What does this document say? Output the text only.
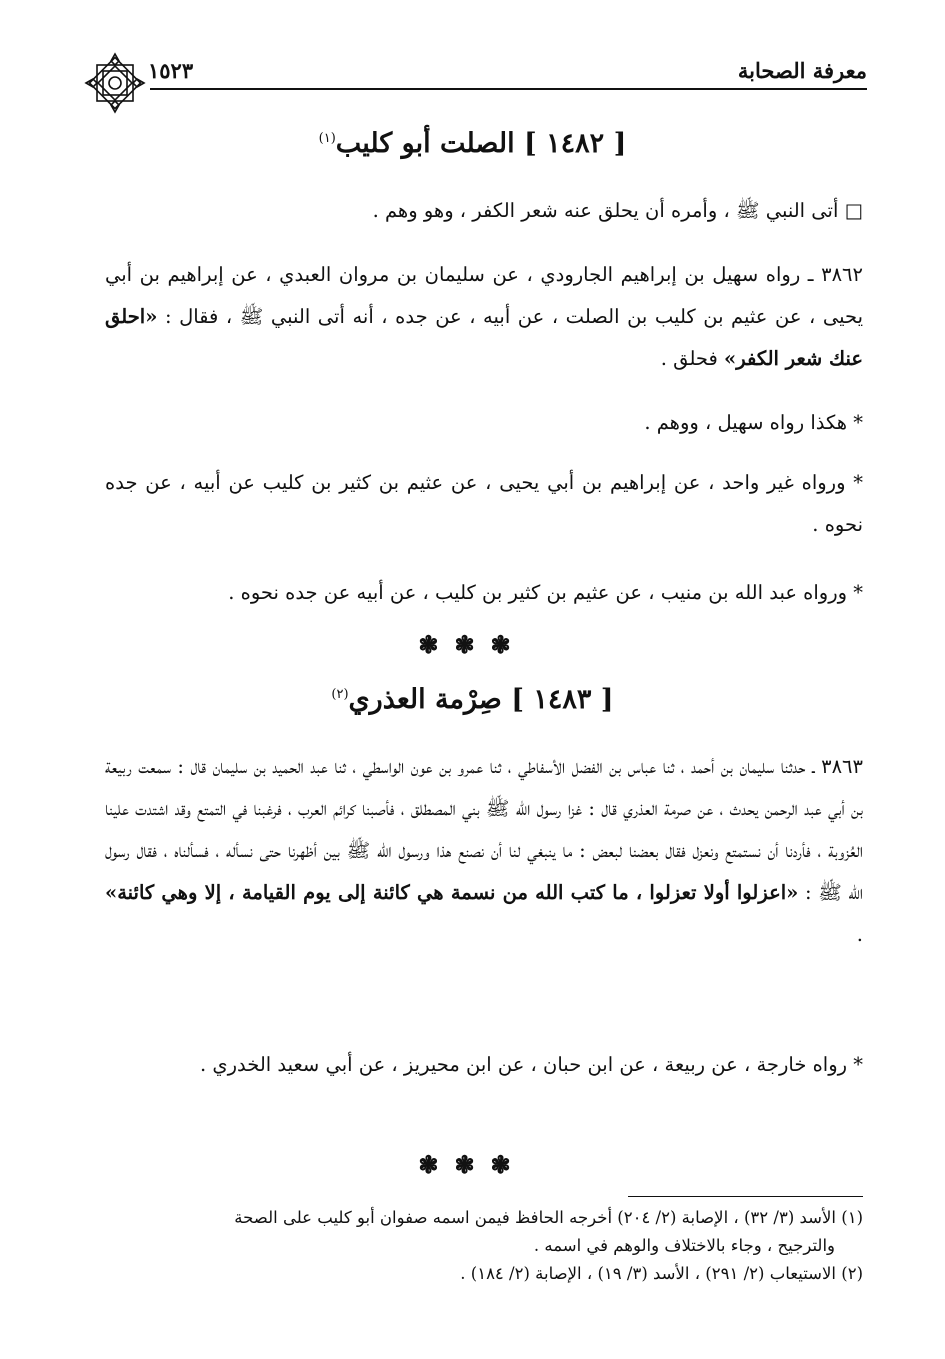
معرفة الصحابة
١٥٢٣
[ ١٤٨٢ ] الصلت أبو كليب$^{(١)}$
□ أتى النبي ﷺ ، وأمره أن يحلق عنه شعر الكفر ، وهو وهم .
٣٨٦٢ ـ رواه سهيل بن إبراهيم الجارودي ، عن سليمان بن مروان العبدي ، عن إبراهيم بن أبي يحيى ، عن عثيم بن كليب بن الصلت ، عن أبيه ، عن جده ، أنه أتى النبي ﷺ ، فقال : «احلق عنك شعر الكفر» فحلق .
* هكذا رواه سهيل ، ووهم .
* ورواه غير واحد ، عن إبراهيم بن أبي يحيى ، عن عثيم بن كثير بن كليب عن أبيه ، عن جده نحوه .
* ورواه عبد الله بن منيب ، عن عثيم بن كثير بن كليب ، عن أبيه عن جده نحوه .
❃❃❃
[ ١٤٨٣ ] صِرْمة العذري$^{(٢)}$
٣٨٦٣ ـ حدثنا سليمان بن أحمد ، ثنا عباس بن الفضل الأسفاطي ، ثنا عمرو بن عون الواسطي ، ثنا عبد الحميد بن سليمان قال : سمعت ربيعة بن أبي عبد الرحمن يحدث ، عن صرمة العذري قال : غزا رسول الله ﷺ بني المصطلق ، فأصبنا كرائم العرب ، فرغبنا في التمتع وقد اشتدت علينا العُزوبة ، فأردنا أن نستمتع ونعزل فقال بعضنا لبعض : ما ينبغي لنا أن نصنع هذا ورسول الله ﷺ بين أظهرنا حتى نسأله ، فسألناه ، فقال رسول الله ﷺ : «اعزلوا أولا تعزلوا ، ما كتب الله من نسمة هي كائنة إلى يوم القيامة ، إلا وهي كائنة» .
* رواه خارجة ، عن ربيعة ، عن ابن حبان ، عن ابن محيريز ، عن أبي سعيد الخدري .
❃❃❃
(١) الأسد (٣/ ٣٢) ، الإصابة (٢/ ٢٠٤) أخرجه الحافظ فيمن اسمه صفوان أبو كليب على الصحة
والترجيح ، وجاء بالاختلاف والوهم في اسمه .
(٢) الاستيعاب (٢/ ٢٩١) ، الأسد (٣/ ١٩) ، الإصابة (٢/ ١٨٤) .
